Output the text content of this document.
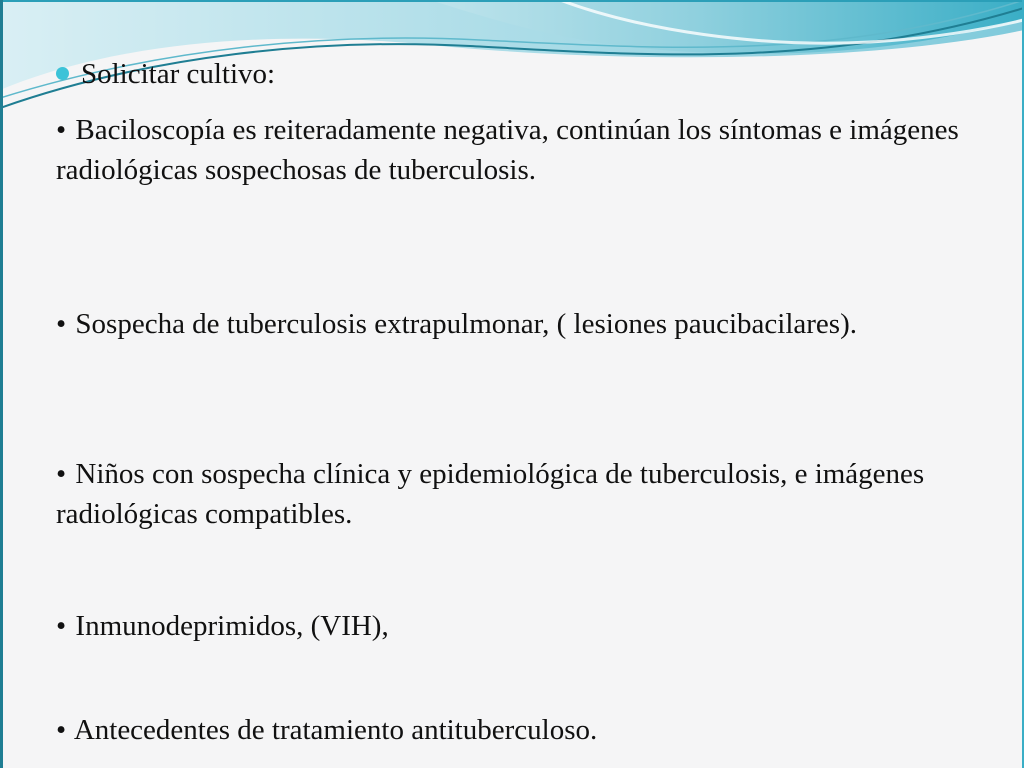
Solicitar cultivo:
• Baciloscopía es reiteradamente negativa, continúan los síntomas e imágenes radiológicas sospechosas de tuberculosis.
• Sospecha de tuberculosis extrapulmonar, ( lesiones paucibacilares).
• Niños con sospecha clínica y epidemiológica de tuberculosis, e imágenes radiológicas compatibles.
• Inmunodeprimidos, (VIH),
• Antecedentes de tratamiento antituberculoso.
